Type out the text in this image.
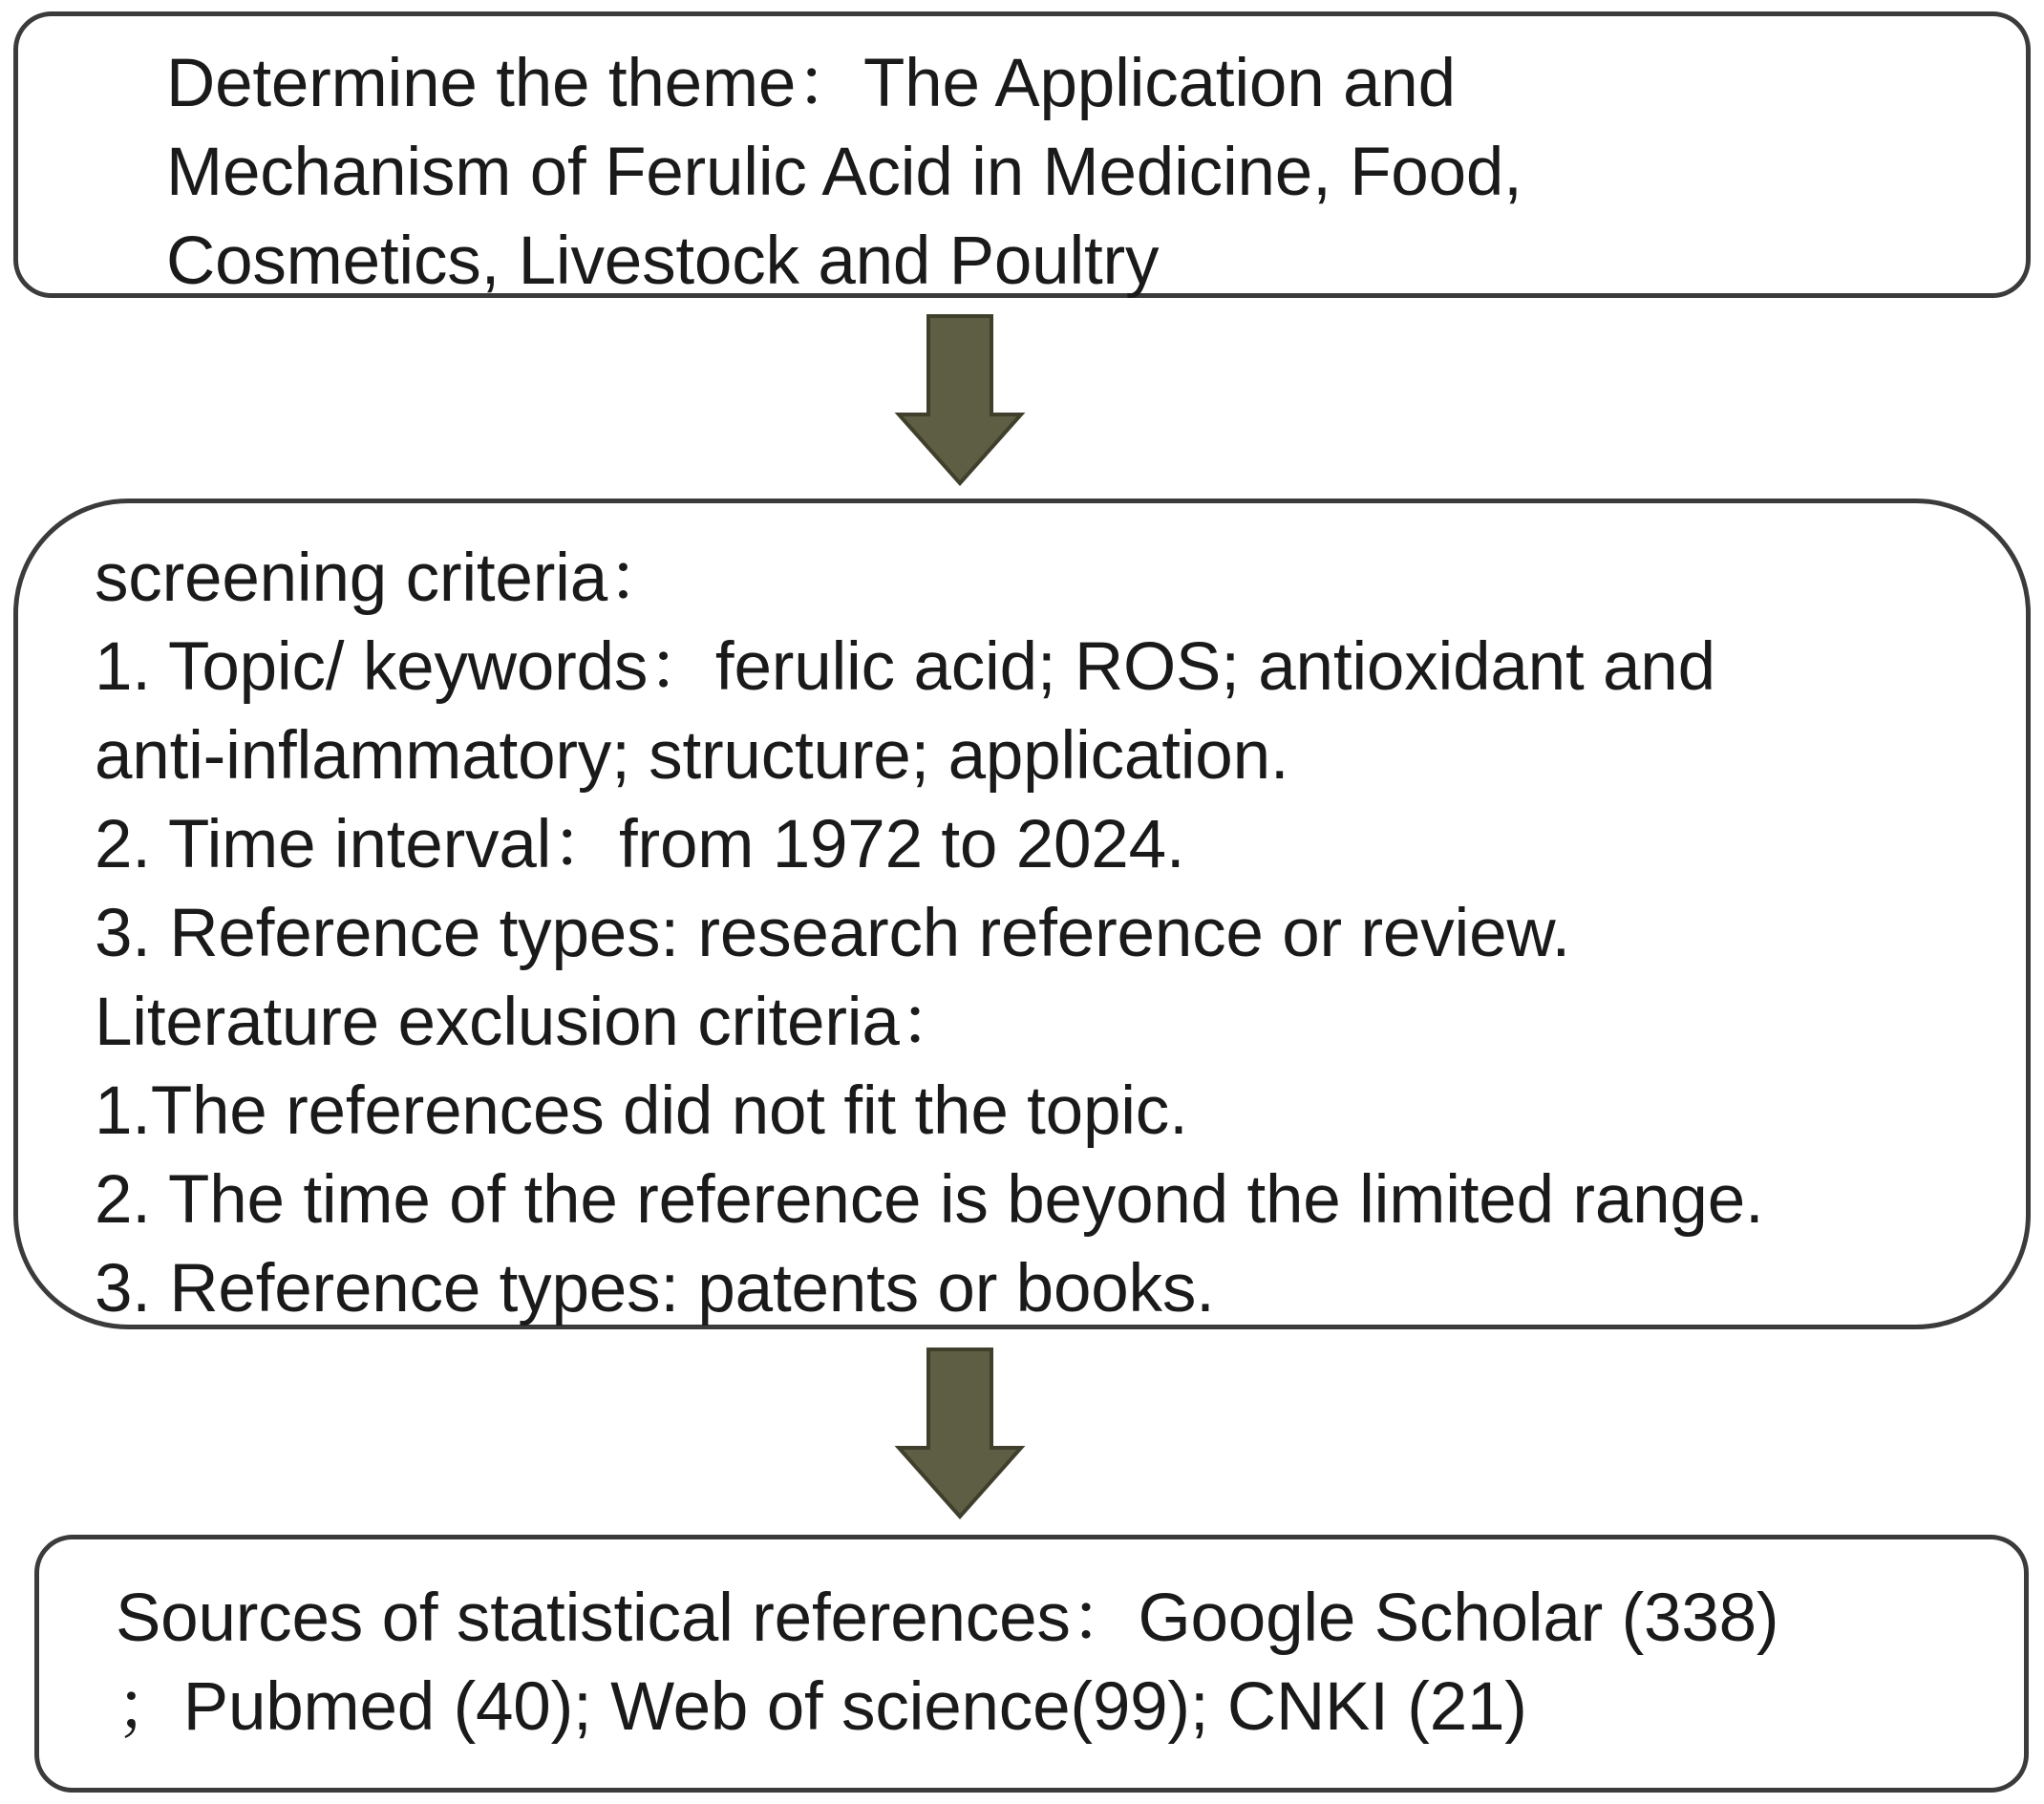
Determine the theme：The Application and
Mechanism of Ferulic Acid in Medicine, Food,
Cosmetics, Livestock and Poultry

screening criteria：
1. Topic/ keywords：ferulic acid; ROS; antioxidant and
anti-inflammatory; structure; application.
2. Time interval：from 1972 to 2024.
3. Reference types: research reference or review.
Literature exclusion criteria：
1.The references did not fit the topic.
2. The time of the reference is beyond the limited range.
3. Reference types: patents or books.

Sources of statistical references：Google Scholar (338)
；Pubmed (40); Web of science(99); CNKI (21)
